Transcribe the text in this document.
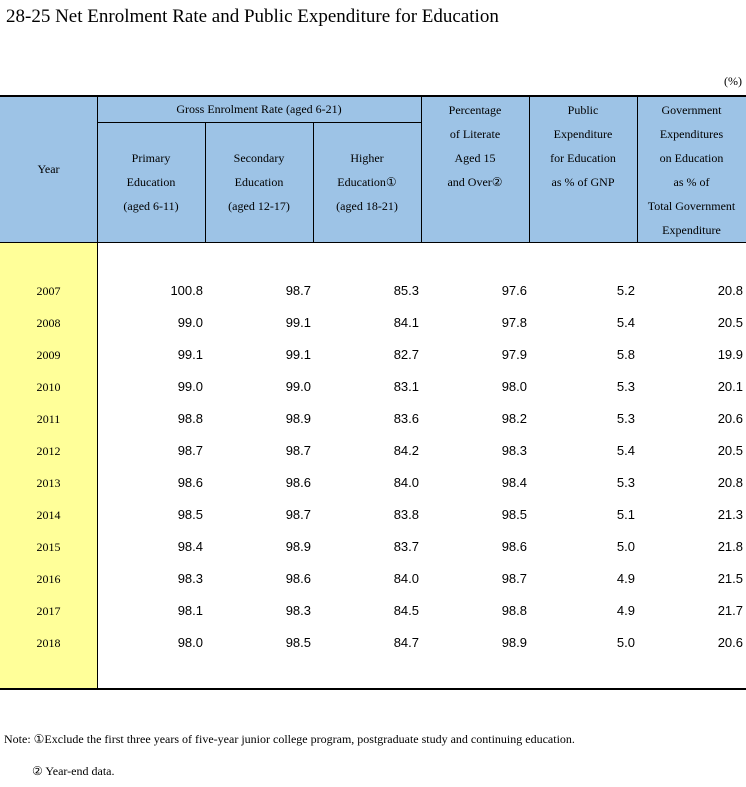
28-25 Net Enrolment Rate and Public Expenditure for Education
(%)
Year
Gross Enrolment Rate (aged 6-21)
Primary
Education
(aged 6-11)
Secondary
Education
(aged 12-17)
Higher
Education①
(aged 18-21)
Percentage
of Literate
Aged 15
and Over②
Public
Expenditure
for Education
as % of GNP
Government
Expenditures
on Education
as % of
Total Government
Expenditure
2007	100.8	98.7	85.3	97.6	5.2	20.8
2008	99.0	99.1	84.1	97.8	5.4	20.5
2009	99.1	99.1	82.7	97.9	5.8	19.9
2010	99.0	99.0	83.1	98.0	5.3	20.1
2011	98.8	98.9	83.6	98.2	5.3	20.6
2012	98.7	98.7	84.2	98.3	5.4	20.5
2013	98.6	98.6	84.0	98.4	5.3	20.8
2014	98.5	98.7	83.8	98.5	5.1	21.3
2015	98.4	98.9	83.7	98.6	5.0	21.8
2016	98.3	98.6	84.0	98.7	4.9	21.5
2017	98.1	98.3	84.5	98.8	4.9	21.7
2018	98.0	98.5	84.7	98.9	5.0	20.6
Note: ①Exclude the first three years of five-year junior college program, postgraduate study and continuing education.
② Year-end data.
